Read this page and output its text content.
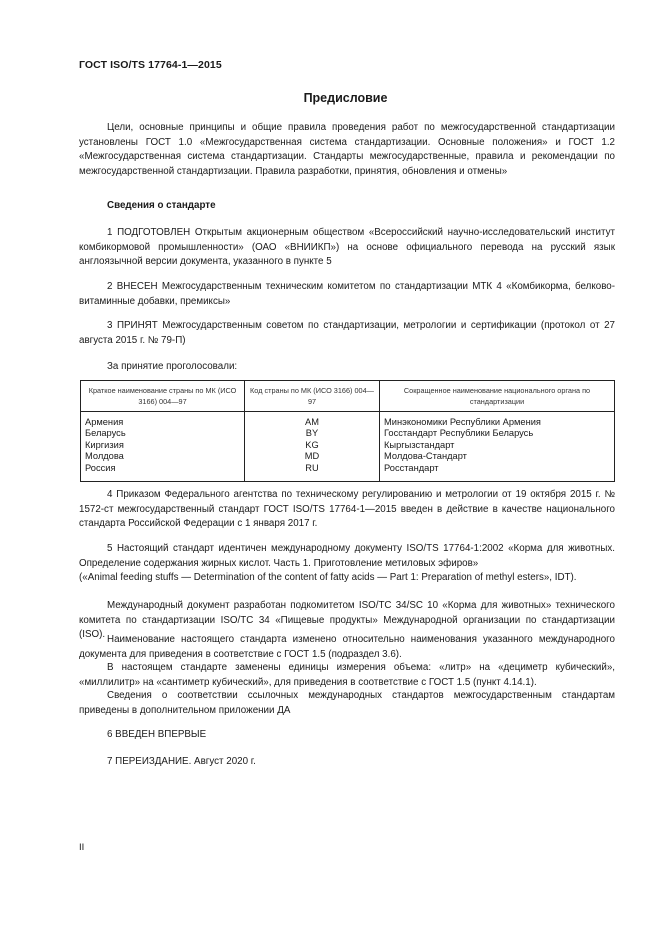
ГОСТ ISO/TS 17764-1—2015
Предисловие
Цели, основные принципы и общие правила проведения работ по межгосударственной стандартизации установлены ГОСТ 1.0 «Межгосударственная система стандартизации. Основные положения» и ГОСТ 1.2 «Межгосударственная система стандартизации. Стандарты межгосударственные, правила и рекомендации по межгосударственной стандартизации. Правила разработки, принятия, обновления и отмены»
Сведения о стандарте
1 ПОДГОТОВЛЕН Открытым акционерным обществом «Всероссийский научно-исследовательский институт комбикормовой промышленности» (ОАО «ВНИИКП») на основе официального перевода на русский язык англоязычной версии документа, указанного в пункте 5
2 ВНЕСЕН Межгосударственным техническим комитетом по стандартизации МТК 4 «Комбикорма, белково-витаминные добавки, премиксы»
3 ПРИНЯТ Межгосударственным советом по стандартизации, метрологии и сертификации (протокол от 27 августа 2015 г. № 79-П)
За принятие проголосовали:
Краткое наименование страны по МК (ИСО 3166) 004—97	Код страны по МК (ИСО 3166) 004—97	Сокращенное наименование национального органа по стандартизации
Армения	AM	Минэкономики Республики Армения
Беларусь	BY	Госстандарт Республики Беларусь
Киргизия	KG	Кыргызстандарт
Молдова	MD	Молдова-Стандарт
Россия	RU	Росстандарт
4 Приказом Федерального агентства по техническому регулированию и метрологии от 19 октября 2015 г. № 1572-ст межгосударственный стандарт ГОСТ ISO/TS 17764-1—2015 введен в действие в качестве национального стандарта Российской Федерации с 1 января 2017 г.
5 Настоящий стандарт идентичен международному документу ISO/TS 17764-1:2002 «Корма для животных. Определение содержания жирных кислот. Часть 1. Приготовление метиловых эфиров»
(«Animal feeding stuffs — Determination of the content of fatty acids — Part 1: Preparation of methyl esters», IDT).
Международный документ разработан подкомитетом ISO/TC 34/SC 10 «Корма для животных» технического комитета по стандартизации ISO/TC 34 «Пищевые продукты» Международной организации по стандартизации (ISO). Наименование настоящего стандарта изменено относительно наименования указанного международного документа для приведения в соответствие с ГОСТ 1.5 (подраздел 3.6).
В настоящем стандарте заменены единицы измерения объема: «литр» на «дециметр кубический», «миллилитр» на «сантиметр кубический», для приведения в соответствие с ГОСТ 1.5 (пункт 4.14.1).
Сведения о соответствии ссылочных международных стандартов межгосударственным стандартам приведены в дополнительном приложении ДА
6 ВВЕДЕН ВПЕРВЫЕ
7 ПЕРЕИЗДАНИЕ. Август 2020 г.
II
